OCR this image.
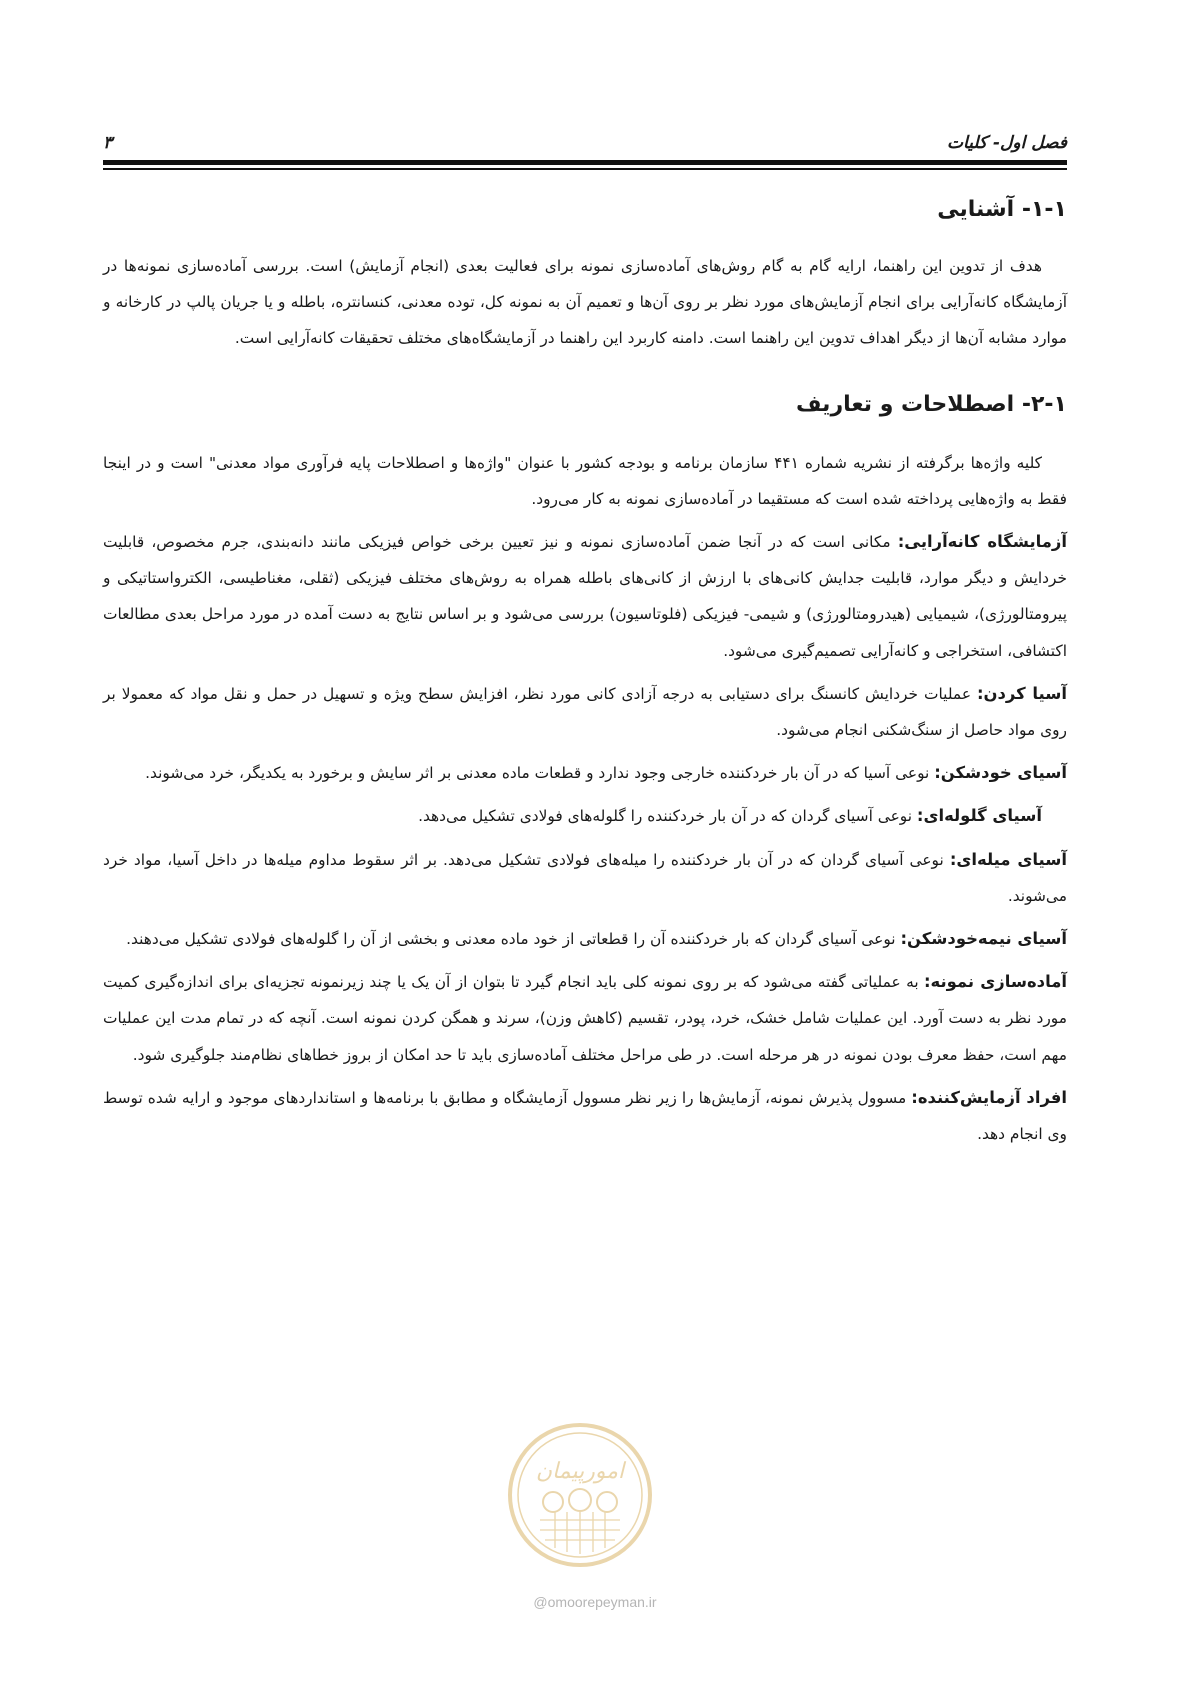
فصل اول- کلیات
۳
۱-۱- آشنایی

هدف از تدوین این راهنما، ارایه گام به گام روش‌های آماده‌سازی نمونه برای فعالیت بعدی (انجام آزمایش) است. بررسی آماده‌سازی نمونه‌ها در آزمایشگاه کانه‌آرایی برای انجام آزمایش‌های مورد نظر بر روی آن‌ها و تعمیم آن به نمونه کل، توده معدنی، کنسانتره، باطله و یا جریان پالپ در کارخانه و موارد مشابه آن‌ها از دیگر اهداف تدوین این راهنما است. دامنه کاربرد این راهنما در آزمایشگاه‌های مختلف تحقیقات کانه‌آرایی است.

۲-۱- اصطلاحات و تعاریف

کلیه واژه‌ها برگرفته از نشریه شماره ۴۴۱ سازمان برنامه و بودجه کشور با عنوان "واژه‌ها و اصطلاحات پایه فرآوری مواد معدنی" است و در اینجا فقط به واژه‌هایی پرداخته شده است که مستقیما در آماده‌سازی نمونه به کار می‌رود.

آزمایشگاه کانه‌آرایی: مکانی است که در آنجا ضمن آماده‌سازی نمونه و نیز تعیین برخی خواص فیزیکی مانند دانه‌بندی، جرم مخصوص، قابلیت خردایش و دیگر موارد، قابلیت جدایش کانی‌های با ارزش از کانی‌های باطله همراه به روش‌های مختلف فیزیکی (ثقلی، مغناطیسی، الکترواستاتیکی و پیرومتالورژی)، شیمیایی (هیدرومتالورژی) و شیمی- فیزیکی (فلوتاسیون) بررسی می‌شود و بر اساس نتایج به دست آمده در مورد مراحل بعدی مطالعات اکتشافی، استخراجی و کانه‌آرایی تصمیم‌گیری می‌شود.

آسیا کردن: عملیات خردایش کانسنگ برای دستیابی به درجه آزادی کانی مورد نظر، افزایش سطح ویژه و تسهیل در حمل و نقل مواد که معمولا بر روی مواد حاصل از سنگ‌شکنی انجام می‌شود.

آسیای خودشکن: نوعی آسیا که در آن بار خردکننده خارجی وجود ندارد و قطعات ماده معدنی بر اثر سایش و برخورد به یکدیگر، خرد می‌شوند.

آسیای گلوله‌ای: نوعی آسیای گردان که در آن بار خردکننده را گلوله‌های فولادی تشکیل می‌دهد.

آسیای میله‌ای: نوعی آسیای گردان که در آن بار خردکننده را میله‌های فولادی تشکیل می‌دهد. بر اثر سقوط مداوم میله‌ها در داخل آسیا، مواد خرد می‌شوند.

آسیای نیمه‌خودشکن: نوعی آسیای گردان که بار خردکننده آن را قطعاتی از خود ماده معدنی و بخشی از آن را گلوله‌های فولادی تشکیل می‌دهند.

آماده‌سازی نمونه: به عملیاتی گفته می‌شود که بر روی نمونه کلی باید انجام گیرد تا بتوان از آن یک یا چند زیرنمونه تجزیه‌ای برای اندازه‌گیری کمیت مورد نظر به دست آورد. این عملیات شامل خشک، خرد، پودر، تقسیم (کاهش وزن)، سرند و همگن کردن نمونه است. آنچه که در تمام مدت این عملیات مهم است، حفظ معرف بودن نمونه در هر مرحله است. در طی مراحل مختلف آماده‌سازی باید تا حد امکان از بروز خطاهای نظام‌مند جلوگیری شود.

افراد آزمایش‌کننده: مسوول پذیرش نمونه، آزمایش‌ها را زیر نظر مسوول آزمایشگاه و مطابق با برنامه‌ها و استانداردهای موجود و ارایه شده توسط وی انجام دهد.

امورپیمان
@omoorepeyman.ir
